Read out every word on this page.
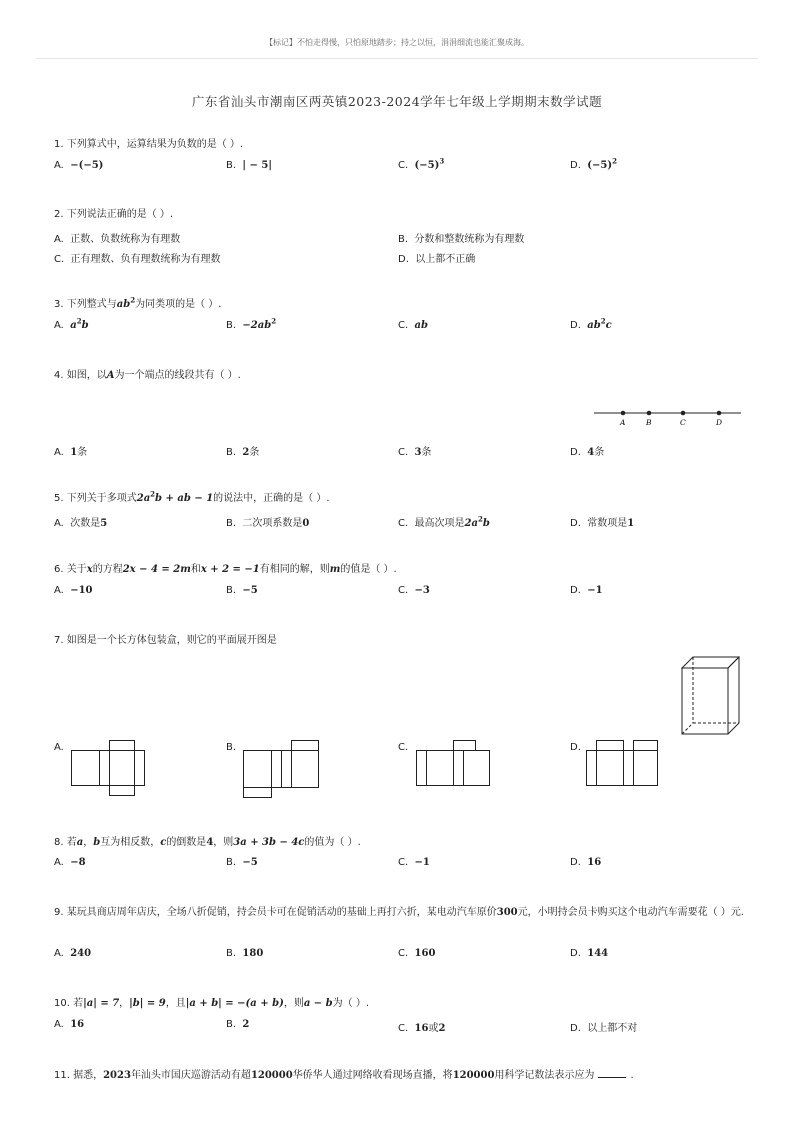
【标记】不怕走得慢，只怕原地踏步；持之以恒，涓涓细流也能汇聚成海。
广东省汕头市潮南区两英镇2023-2024学年七年级上学期期末数学试题
1. 下列算式中，运算结果为负数的是（ ）.
A. −(−5)	B. | − 5|	C. $(-5)^3$	D. $(-5)^2$
2. 下列说法正确的是（ ）.
A. 正数、负数统称为有理数	B. 分数和整数统称为有理数
C. 正有理数、负有理数统称为有理数	D. 以上都不正确
3. 下列整式与$ab^2$为同类项的是（ ）.
A. $a^2b$	B. $-2ab^2$	C. ab	D. $ab^2c$
4. 如图，以A为一个端点的线段共有（ ）.
A	B	C	D
A. 1条	B. 2条	C. 3条	D. 4条
5. 下列关于多项式$2a^2b$ + ab − 1的说法中，正确的是（ ）.
A. 次数是5	B. 二次项系数是0	C. 最高次项是$2a^2b$	D. 常数项是1
6. 关于x的方程2x − 4 = 2m和x + 2 = −1有相同的解，则m的值是（ ）.
A. −10	B. −5	C. −3	D. −1
7. 如图是一个长方体包装盒，则它的平面展开图是
A.	B.	C.	D.
8. 若a，b互为相反数，c的倒数是4，则3a + 3b − 4c的值为（ ）.
A. −8	B. −5	C. −1	D. 16
9. 某玩具商店周年店庆，全场八折促销，持会员卡可在促销活动的基础上再打六折，某电动汽车原价300元，小明持会员卡购买这个电动汽车需要花（ ）元.
A. 240	B. 180	C. 160	D. 144
10. 若|a| = 7，|b| = 9，且|a + b| = −(a + b)，则a − b为（ ）.
A. 16	B. 2	C. 16或2	D. 以上都不对
11. 据悉，2023年汕头市国庆巡游活动有超120000华侨华人通过网络收看现场直播，将120000用科学记数法表示应为	.
